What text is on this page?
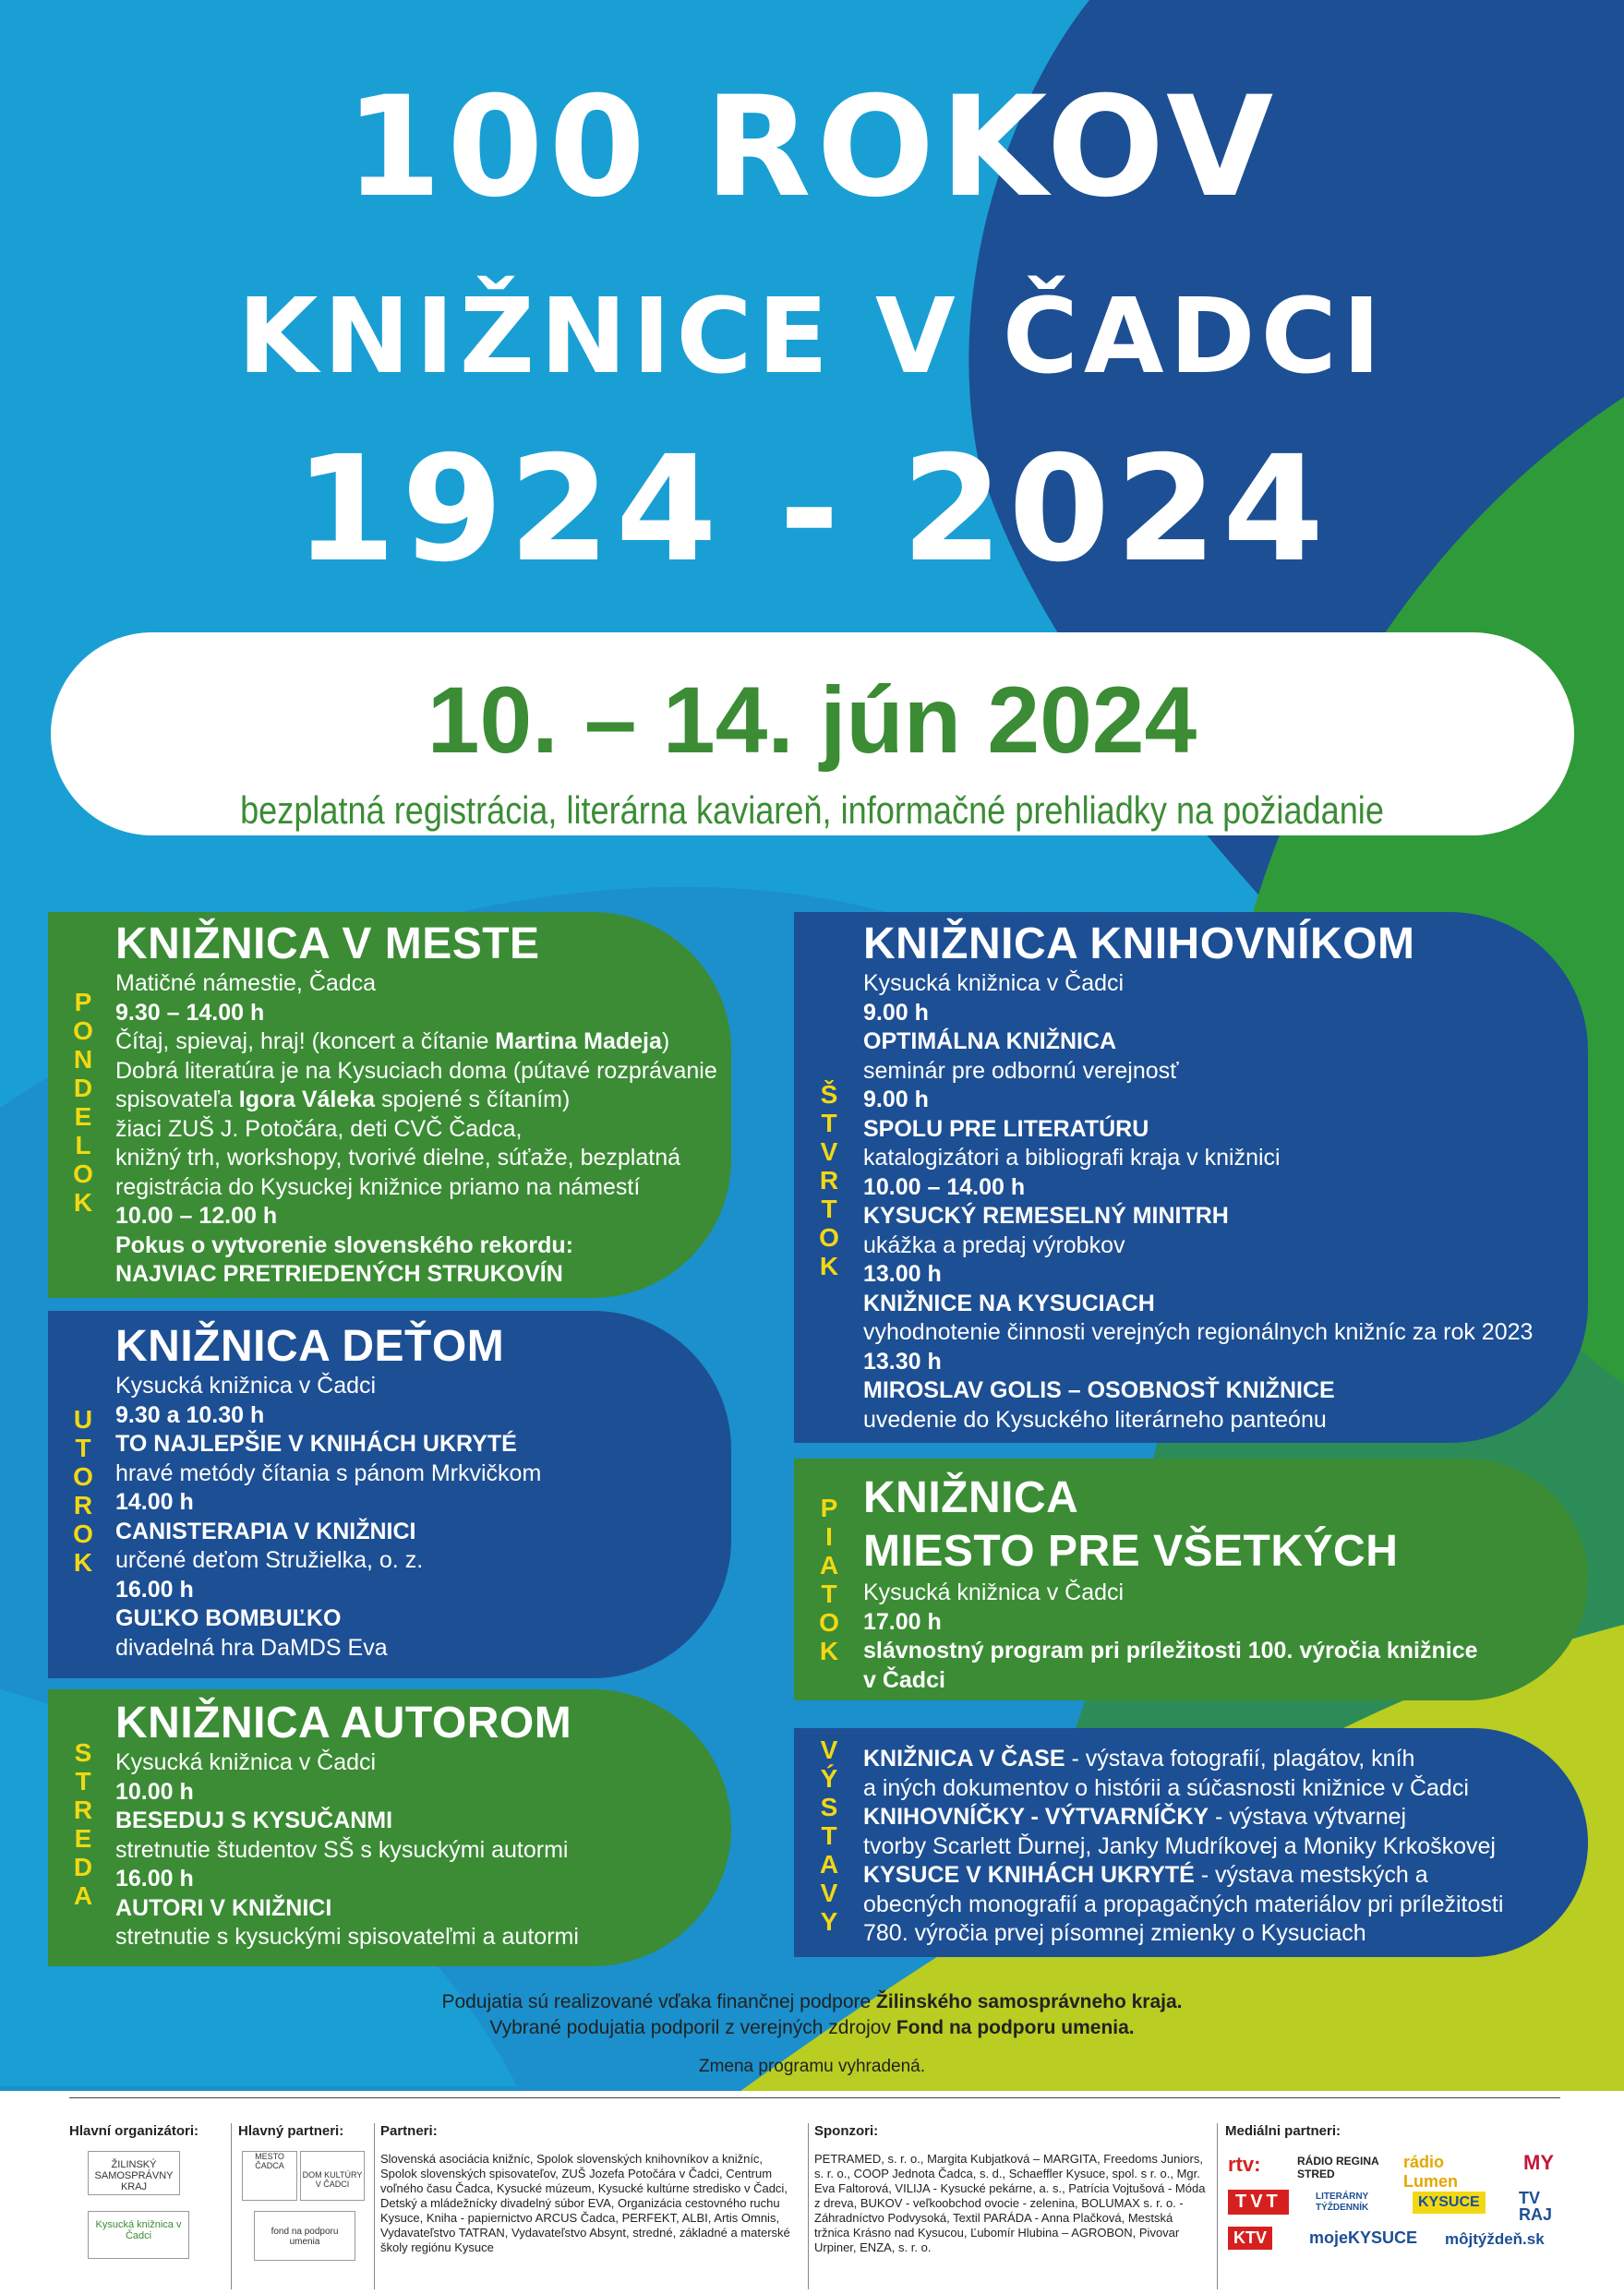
100 ROKOV
KNIŽNICE V ČADCI
1924 - 2024
10. – 14. jún 2024
bezplatná registrácia, literárna kaviareň, informačné prehliadky na požiadanie
P
O
N
D
E
L
O
K
KNIŽNICA V MESTE
Matičné námestie, Čadca
9.30 – 14.00 h
Čítaj, spievaj, hraj! (koncert a čítanie Martina Madeja)
Dobrá literatúra je na Kysuciach doma (pútavé rozprávanie
spisovateľa Igora Váleka spojené s čítaním)
žiaci ZUŠ J. Potočára, deti CVČ Čadca,
knižný trh, workshopy, tvorivé dielne, súťaže, bezplatná
registrácia do Kysuckej knižnice priamo na námestí
10.00 – 12.00 h
Pokus o vytvorenie slovenského rekordu:
NAJVIAC PRETRIEDENÝCH STRUKOVÍN
U
T
O
R
O
K
KNIŽNICA DEŤOM
Kysucká knižnica v Čadci
9.30 a 10.30 h
TO NAJLEPŠIE V KNIHÁCH UKRYTÉ
hravé metódy čítania s pánom Mrkvičkom
14.00 h
CANISTERAPIA V KNIŽNICI
určené deťom Stružielka, o. z.
16.00 h
GUĽKO BOMBUĽKO
divadelná hra DaMDS Eva
S
T
R
E
D
A
KNIŽNICA AUTOROM
Kysucká knižnica v Čadci
10.00 h
BESEDUJ S KYSUČANMI
stretnutie študentov SŠ s kysuckými autormi
16.00 h
AUTORI V KNIŽNICI
stretnutie s kysuckými spisovateľmi a autormi
Š
T
V
R
T
O
K
KNIŽNICA KNIHOVNÍKOM
Kysucká knižnica v Čadci
9.00 h
OPTIMÁLNA KNIŽNICA
seminár pre odbornú verejnosť
9.00 h
SPOLU PRE LITERATÚRU
katalogizátori a bibliografi kraja v knižnici
10.00 – 14.00 h
KYSUCKÝ REMESELNÝ MINITRH
ukážka a predaj výrobkov
13.00 h
KNIŽNICE NA KYSUCIACH
vyhodnotenie činnosti verejných regionálnych knižníc za rok 2023
13.30 h
MIROSLAV GOLIS – OSOBNOSŤ KNIŽNICE
uvedenie do Kysuckého literárneho panteónu
P
I
A
T
O
K
KNIŽNICA
MIESTO PRE VŠETKÝCH
Kysucká knižnica v Čadci
17.00 h
slávnostný program pri príležitosti 100. výročia knižnice
v Čadci
V
Ý
S
T
A
V
Y
KNIŽNICA V ČASE - výstava fotografií, plagátov, kníh
a iných dokumentov o histórii a súčasnosti knižnice v Čadci
KNIHOVNÍČKY - VÝTVARNÍČKY - výstava výtvarnej
tvorby Scarlett Ďurnej, Janky Mudríkovej a Moniky Krkoškovej
KYSUCE V KNIHÁCH UKRYTÉ - výstava mestských a
obecných monografií a propagačných materiálov pri príležitosti
780. výročia prvej písomnej zmienky o Kysuciach
Podujatia sú realizované vďaka finančnej podpore Žilinského samosprávneho kraja.
Vybrané podujatia podporil z verejných zdrojov Fond na podporu umenia.
Zmena programu vyhradená.
Hlavní organizátori:
ŽILINSKÝ SAMOSPRÁVNY KRAJ
Kysucká knižnica v Čadci
Hlavný partneri:
MESTO ČADCA
DOM KULTÚRY V ČADCI
fond na podporu umenia
Partneri:
Slovenská asociácia knižníc, Spolok slovenských knihovníkov a knižníc, Spolok slovenských spisovateľov, ZUŠ Jozefa Potočára v Čadci, Centrum voľného času Čadca, Kysucké múzeum, Kysucké kultúrne stredisko v Čadci, Detský a mládežnícky divadelný súbor EVA, Organizácia cestovného ruchu Kysuce, Kniha - papiernictvo ARCUS Čadca, PERFEKT, ALBI, Artis Omnis, Vydavateľstvo TATRAN, Vydavateľstvo Absynt, stredné, základné a materské školy regiónu Kysuce
Sponzori:
PETRAMED, s. r. o., Margita Kubjatková – MARGITA, Freedoms Juniors, s. r. o., COOP Jednota Čadca, s. d., Schaeffler Kysuce, spol. s r. o., Mgr. Eva Faltorová, VILIJA - Kysucké pekárne, a. s., Patrícia Vojtušová - Móda z dreva, BUKOV - veľkoobchod ovocie - zelenina, BOLUMAX s. r. o. - Záhradníctvo Podvysoká, Textil PARÁDA - Anna Plačková, Mestská tržnica Krásno nad Kysucou, Ľubomír Hlubina – AGROBON, Pivovar Urpiner, ENZA, s. r. o.
Mediálni partneri:
rtv:	RÁDIO REGINA STRED
rádio Lumen
MY
TVT	LITERÁRNY TÝŽDENNÍK	KYSUCE	TV RAJ
KTV	mojeKYSUCE môjtýždeň.sk
